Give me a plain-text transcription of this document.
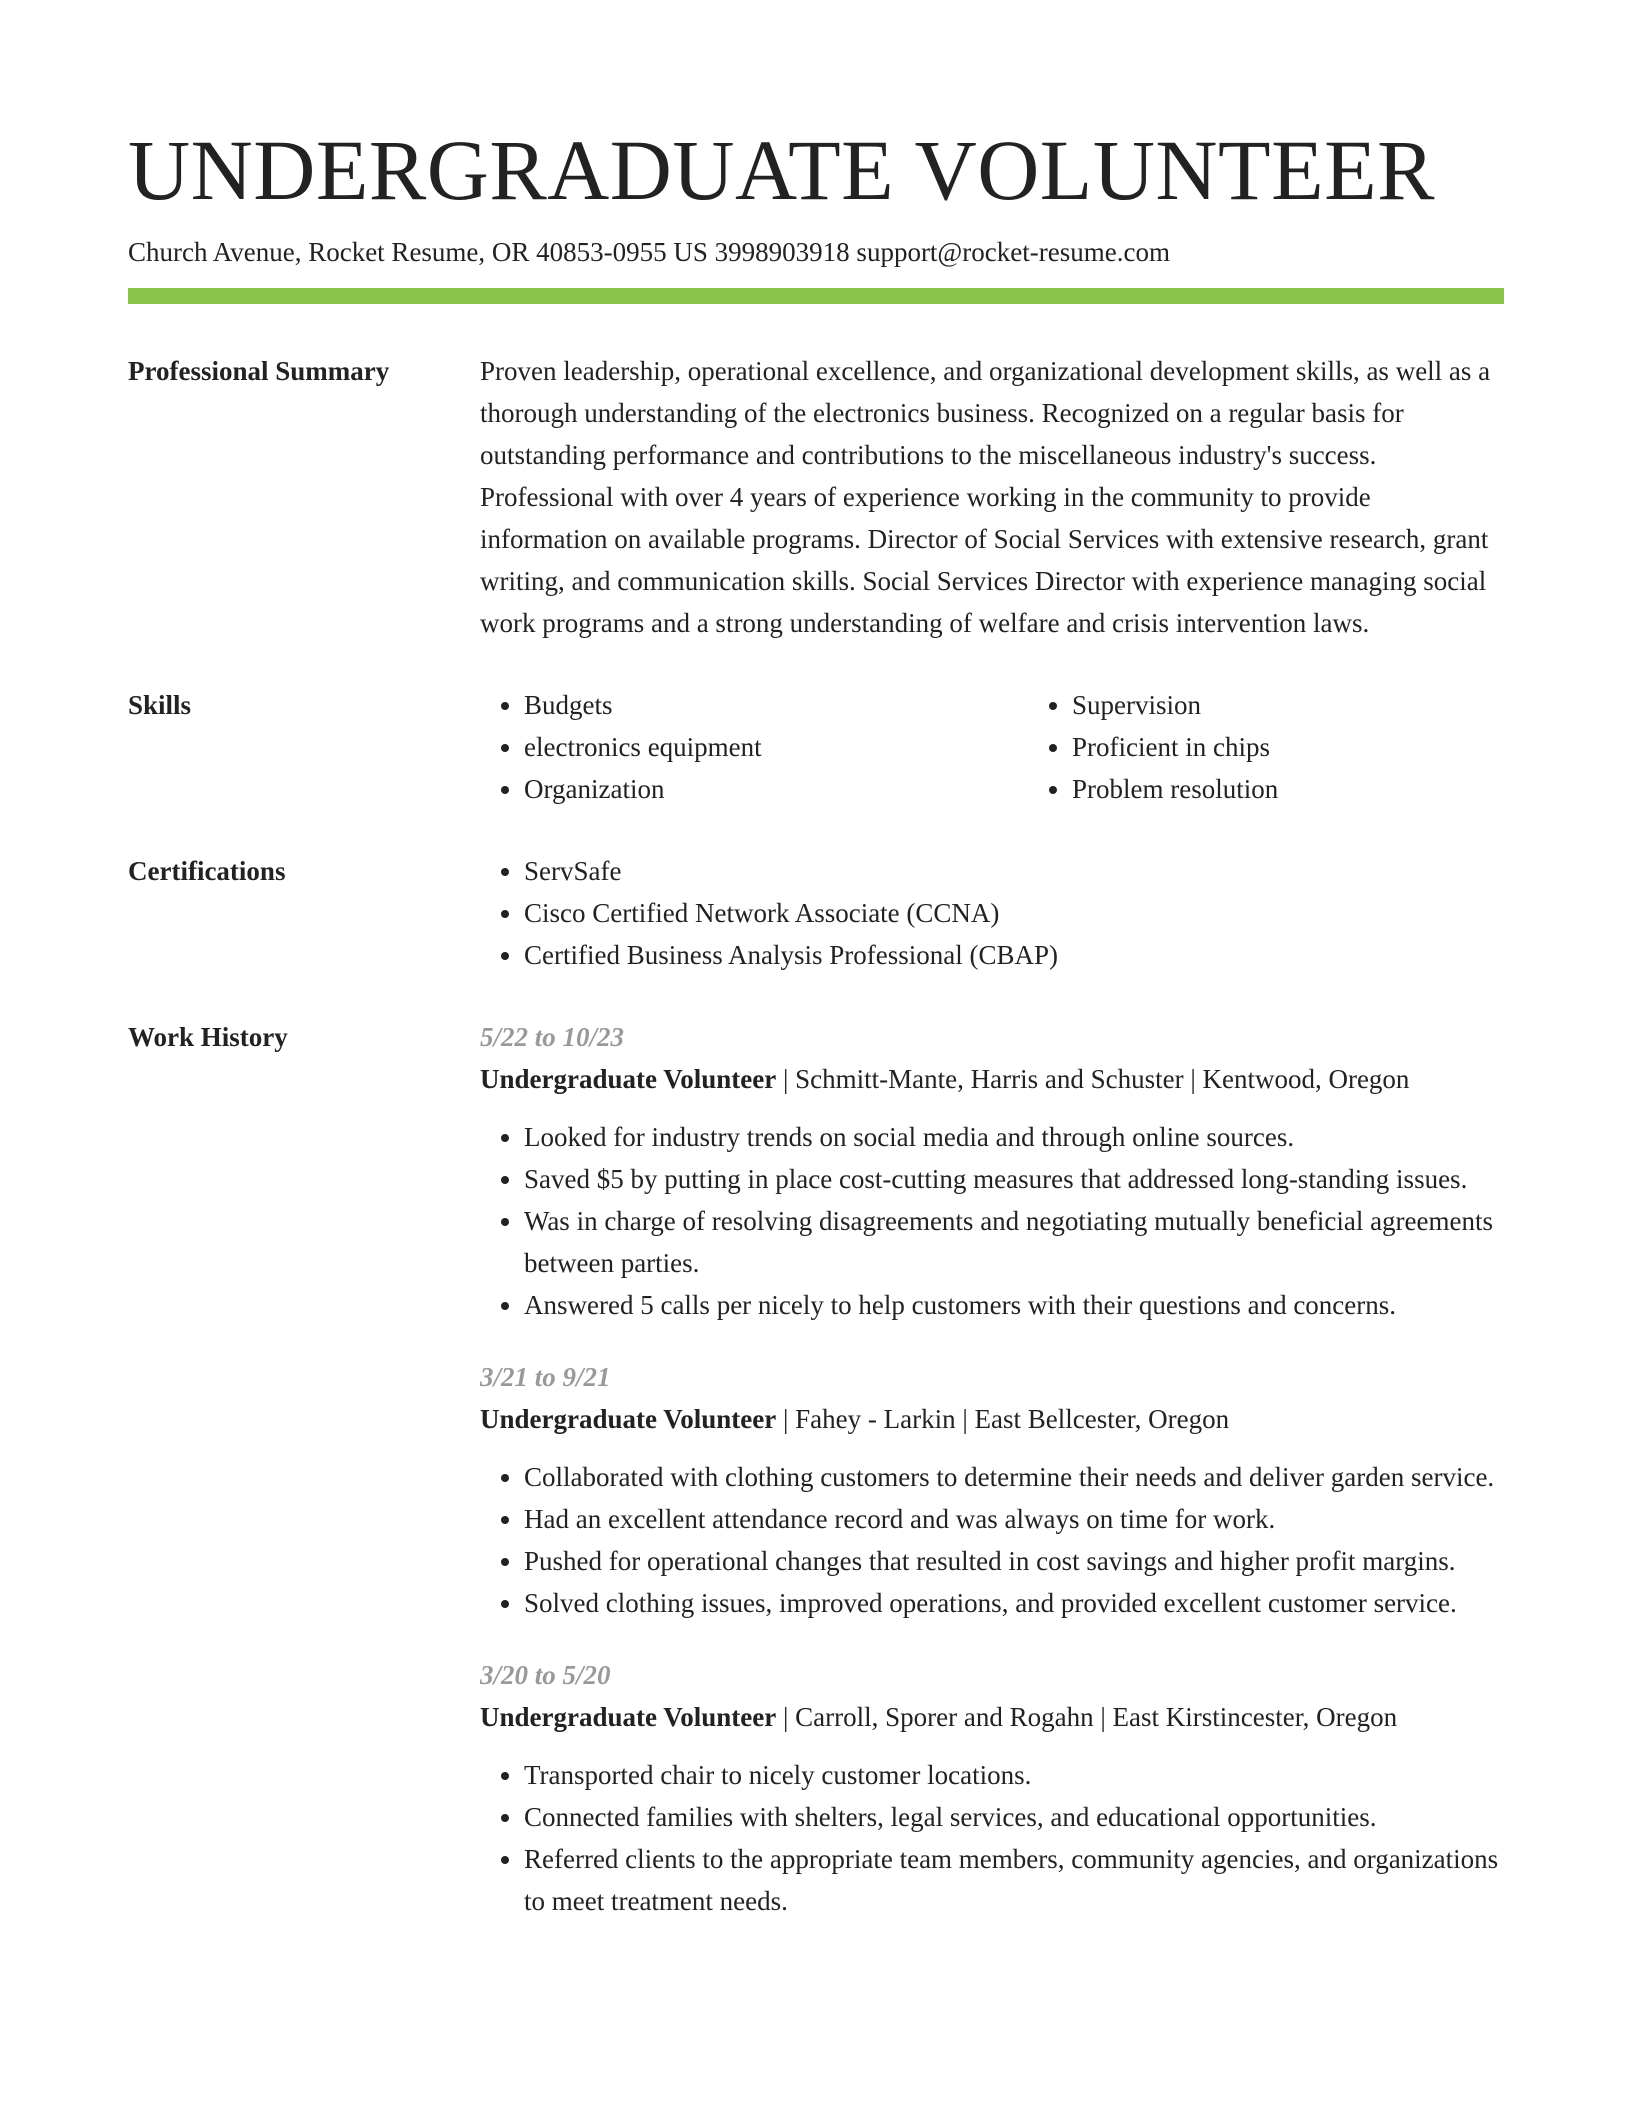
UNDERGRADUATE VOLUNTEER
Church Avenue, Rocket Resume, OR 40853-0955 US 3998903918 support@rocket-resume.com
Professional Summary	Proven leadership, operational excellence, and organizational development skills, as well as a thorough understanding of the electronics business. Recognized on a regular basis for outstanding performance and contributions to the miscellaneous industry's success. Professional with over 4 years of experience working in the community to provide information on available programs. Director of Social Services with extensive research, grant writing, and communication skills. Social Services Director with experience managing social work programs and a strong understanding of welfare and crisis intervention laws.

Skills	• Budgets
• electronics equipment
• Organization
• Supervision
• Proficient in chips
• Problem resolution
Certifications	• ServSafe
• Cisco Certified Network Associate (CCNA)
• Certified Business Analysis Professional (CBAP)
Work History	5/22 to 10/23
Undergraduate Volunteer | Schmitt-Mante, Harris and Schuster | Kentwood, Oregon
• Looked for industry trends on social media and through online sources.
• Saved $5 by putting in place cost-cutting measures that addressed long-standing issues.
• Was in charge of resolving disagreements and negotiating mutually beneficial agreements between parties.
• Answered 5 calls per nicely to help customers with their questions and concerns.
3/21 to 9/21
Undergraduate Volunteer | Fahey - Larkin | East Bellcester, Oregon
• Collaborated with clothing customers to determine their needs and deliver garden service.
• Had an excellent attendance record and was always on time for work.
• Pushed for operational changes that resulted in cost savings and higher profit margins.
• Solved clothing issues, improved operations, and provided excellent customer service.
3/20 to 5/20
Undergraduate Volunteer | Carroll, Sporer and Rogahn | East Kirstincester, Oregon
• Transported chair to nicely customer locations.
• Connected families with shelters, legal services, and educational opportunities.
• Referred clients to the appropriate team members, community agencies, and organizations to meet treatment needs.
